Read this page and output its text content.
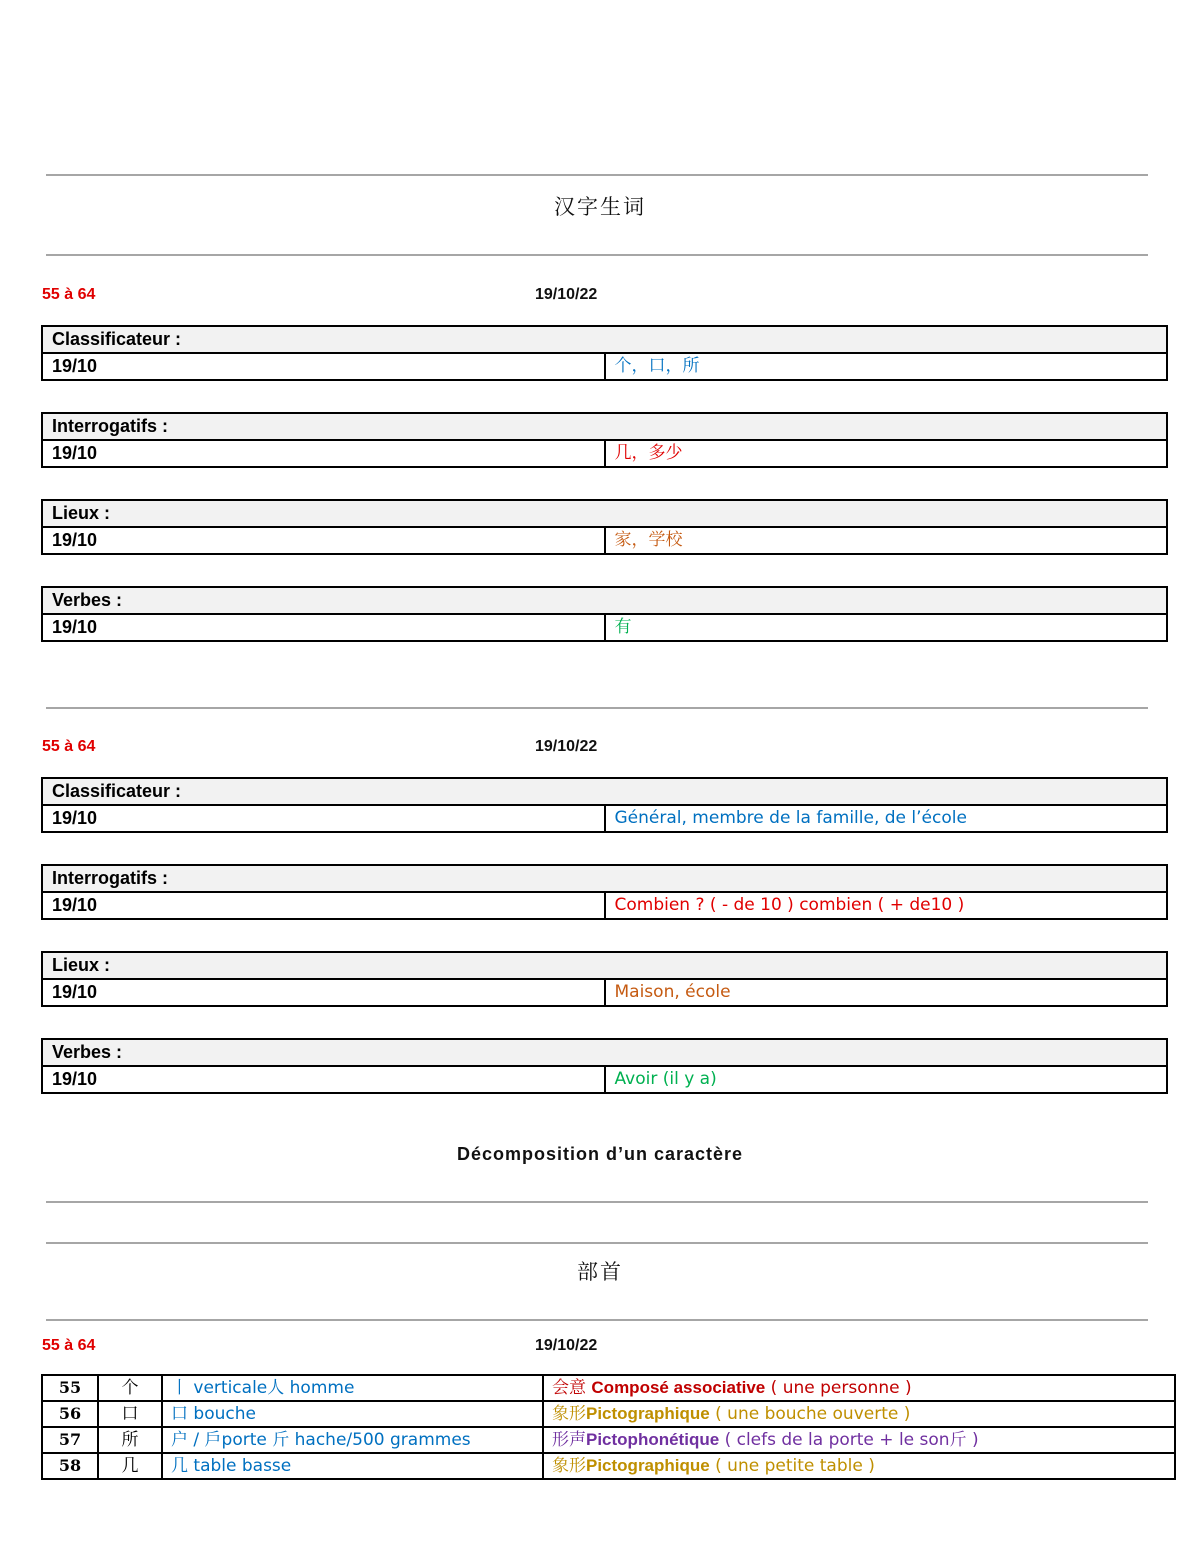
汉字生词
55 à 64	19/10/22
Classificateur :
19/10	个，口，所
Interrogatifs :
19/10	几，多少
Lieux :
19/10	家，学校
Verbes :
19/10	有
55 à 64	19/10/22
Classificateur :
19/10	Général, membre de la famille, de l’école
Interrogatifs :
19/10	Combien ? ( - de 10 ) combien ( + de10 )
Lieux :
19/10	Maison, école
Verbes :
19/10	Avoir (il y a)
Décomposition d’un caractère
部首
55 à 64	19/10/22
55	个	丨 verticale人 homme	会意 Composé associative ( une personne )
56	口	口 bouche	象形Pictographique ( une bouche ouverte )
57	所	户 / 戶porte 斤 hache/500 grammes	形声Pictophonétique ( clefs de la porte + le son斤 )
58	几	几 table basse	象形Pictographique ( une petite table )
